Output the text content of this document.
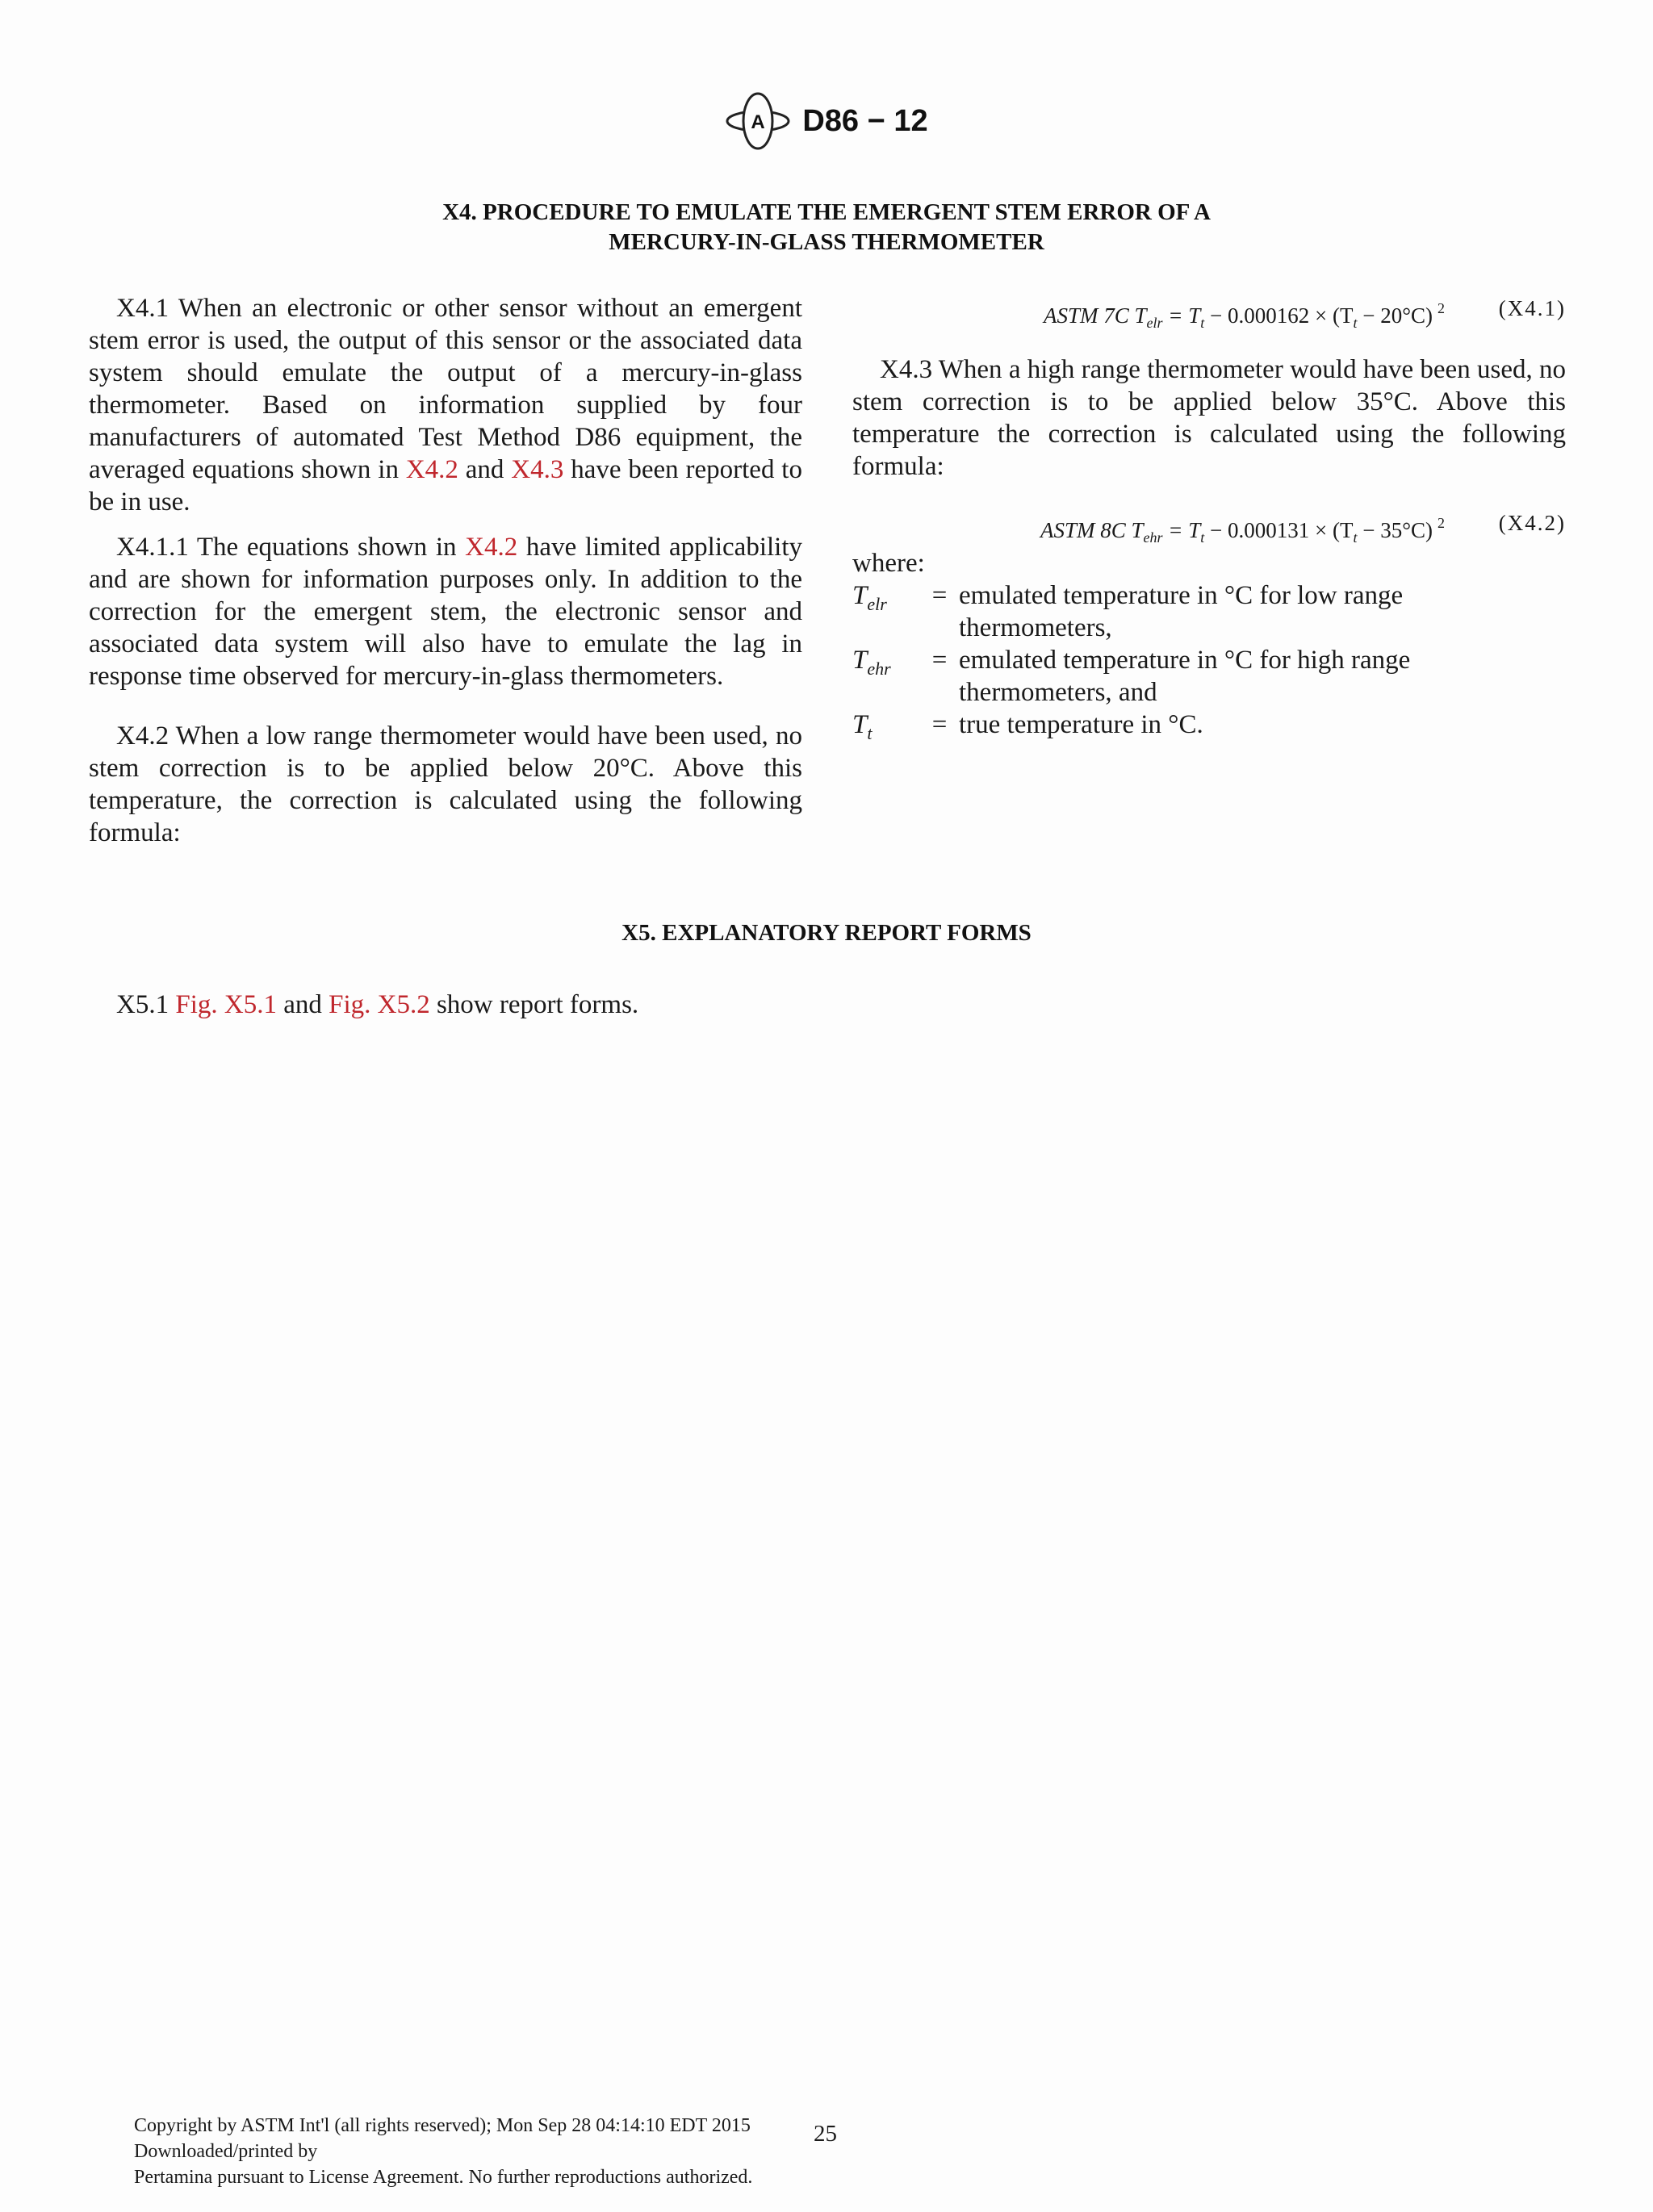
A D86 − 12
X4. PROCEDURE TO EMULATE THE EMERGENT STEM ERROR OF A
MERCURY-IN-GLASS THERMOMETER

X4.1 When an electronic or other sensor without an emergent stem error is used, the output of this sensor or the associated data system should emulate the output of a mercury-in-glass thermometer. Based on information supplied by four manufacturers of automated Test Method D86 equipment, the averaged equations shown in X4.2 and X4.3 have been reported to be in use.

X4.1.1 The equations shown in X4.2 have limited applicability and are shown for information purposes only. In addition to the correction for the emergent stem, the electronic sensor and associated data system will also have to emulate the lag in response time observed for mercury-in-glass thermometers.

X4.2 When a low range thermometer would have been used, no stem correction is to be applied below 20°C. Above this temperature, the correction is calculated using the following formula:

ASTM 7C $T_{elr} = T_t - 0.000162 \times (T_t - 20^\circ C)$ $^2$ (X4.1)

X4.3 When a high range thermometer would have been used, no stem correction is to be applied below 35°C. Above this temperature the correction is calculated using the following formula:

ASTM 8C $T_{ehr} = T_t - 0.000131 \times (T_t - 35^\circ C)$ $^2$ (X4.2)
where:
$T_{elr}$	=	emulated temperature in °C for low range
thermometers,

$T_{ehr}$	=	emulated temperature in °C for high range
thermometers, and

$T_t$	=	true temperature in °C.
X5. EXPLANATORY REPORT FORMS
X5.1 Fig. X5.1 and Fig. X5.2 show report forms.
Copyright by ASTM Int'l (all rights reserved); Mon Sep 28 04:14:10 EDT 2015
Downloaded/printed by
Pertamina pursuant to License Agreement. No further reproductions authorized.
25
